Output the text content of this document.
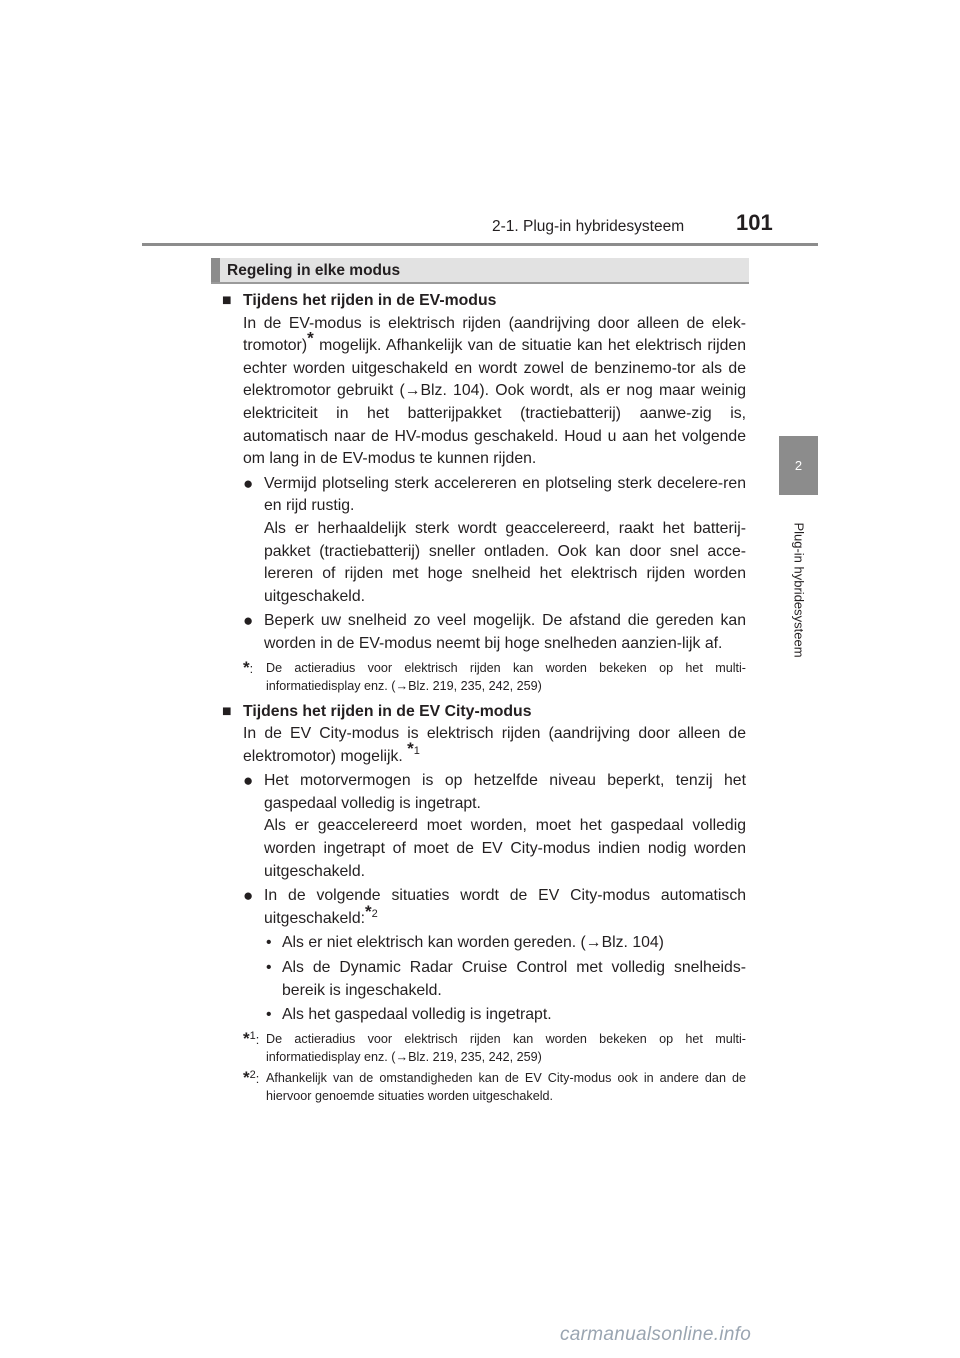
2-1. Plug-in hybridesysteem 101
2
Plug-in hybridesysteem
Regeling in elke modus

■ Tijdens het rijden in de EV-modus

In de EV-modus is elektrisch rijden (aandrijving door alleen de elek-tromotor)* mogelijk. Afhankelijk van de situatie kan het elektrisch rijden echter worden uitgeschakeld en wordt zowel de benzinemo-tor als de elektromotor gebruikt (→Blz. 104). Ook wordt, als er nog maar weinig elektriciteit in het batterijpakket (tractiebatterij) aanwe-zig is, automatisch naar de HV-modus geschakeld. Houd u aan het volgende om lang in de EV-modus te kunnen rijden.

● Vermijd plotseling sterk accelereren en plotseling sterk decelere-ren en rijd rustig.

Als er herhaaldelijk sterk wordt geaccelereerd, raakt het batterij-pakket (tractiebatterij) sneller ontladen. Ook kan door snel acce-lereren of rijden met hoge snelheid het elektrisch rijden worden uitgeschakeld.

● Beperk uw snelheid zo veel mogelijk. De afstand die gereden kan worden in de EV-modus neemt bij hoge snelheden aanzien-lijk af.
*:	De actieradius voor elektrisch rijden kan worden bekeken op het multi-informatiedisplay enz. (→Blz. 219, 235, 242, 259)

■ Tijdens het rijden in de EV City-modus

In de EV City-modus is elektrisch rijden (aandrijving door alleen de elektromotor) mogelijk. $^{*1}$

● Het motorvermogen is op hetzelfde niveau beperkt, tenzij het gaspedaal volledig is ingetrapt.

Als er geaccelereerd moet worden, moet het gaspedaal volledig worden ingetrapt of moet de EV City-modus indien nodig worden uitgeschakeld.

● In de volgende situaties wordt de EV City-modus automatisch uitgeschakeld:$^{*2}$
• Als er niet elektrisch kan worden gereden. (→Blz. 104)
• Als de Dynamic Radar Cruise Control met volledig snelheids-bereik is ingeschakeld.
• Als het gaspedaal volledig is ingetrapt.
*$^1$: De actieradius voor elektrisch rijden kan worden bekeken op het multi-informatiedisplay enz. (→Blz. 219, 235, 242, 259)
*$^2$: Afhankelijk van de omstandigheden kan de EV City-modus ook in andere dan de hiervoor genoemde situaties worden uitgeschakeld.
carmanualsonline.info
